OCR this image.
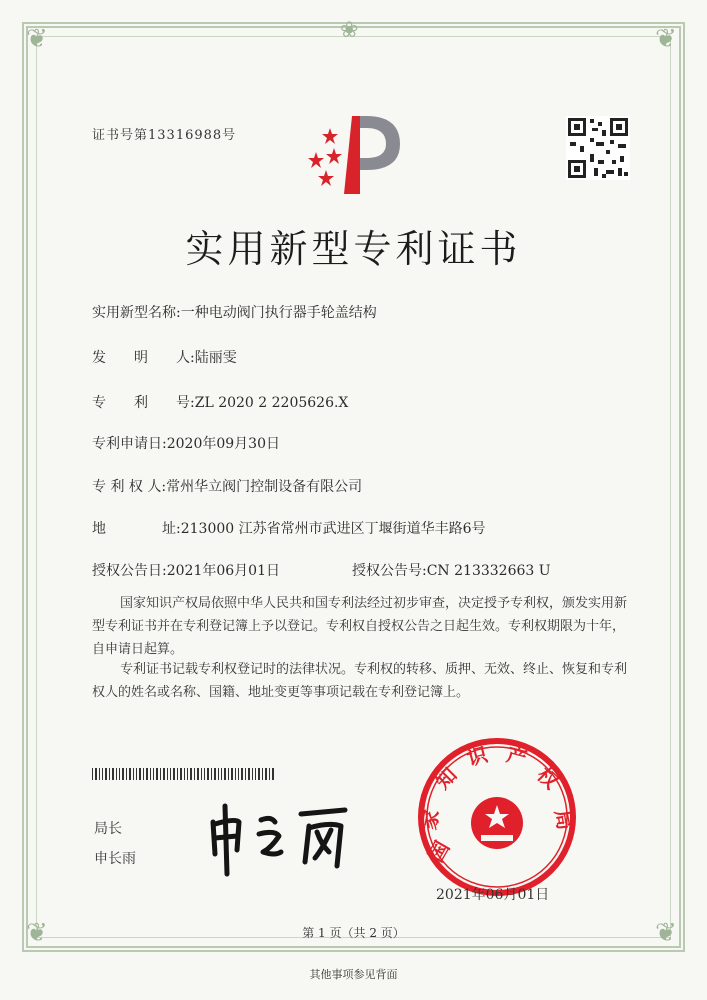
❦	❦
❦	❦
❀
证书号第13316988号
实用新型专利证书
实用新型名称:一种电动阀门执行器手轮盖结构
发　　明　　人:陆丽雯
专　　利　　号:ZL 2020 2 2205626.X
专利申请日:2020年09月30日
专 利 权 人:常州华立阀门控制设备有限公司
地　　　　址:213000 江苏省常州市武进区丁堰街道华丰路6号
授权公告日:2021年06月01日	授权公告号:CN 213332663 U
国家知识产权局依照中华人民共和国专利法经过初步审查，决定授予专利权，颁发实用新型专利证书并在专利登记簿上予以登记。专利权自授权公告之日起生效。专利权期限为十年，自申请日起算。
专利证书记载专利权登记时的法律状况。专利权的转移、质押、无效、终止、恢复和专利权人的姓名或名称、国籍、地址变更等事项记载在专利登记簿上。
局长
申长雨	国
家
知
识 产
权
局
2021年06月01日
第 1 页（共 2 页）
其他事项参见背面
